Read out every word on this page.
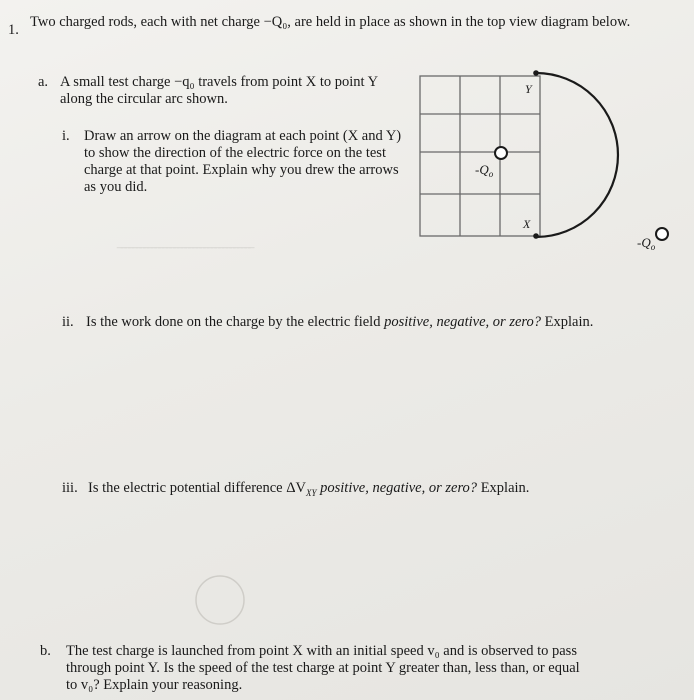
̶ ̶ ̶ ̶ ̶ ̶ ̶ ̶ ̶ ̶ ̶ ̶ ̶ ̶ ̶ ̶ ̶ ̶ ̶ ̶ ̶ ̶ ̶ ̶ ̶ ̶ ̶ ̶ ̶ ̶ ̶ ̶ ̶ ̶ ̶ ̶
1. Two charged rods, each with net charge −Q₀, are held in place as shown in the top view diagram below.
a. A small test charge −q₀ travels from point X to point Y along the circular arc shown.
i. Draw an arrow on the diagram at each point (X and Y) to show the direction of the electric force on the test charge at that point. Explain why you drew the arrows as you did.
Y
X
$-Q_o$
$-Q_o$
ii. Is the work done on the charge by the electric field positive, negative, or zero? Explain.
iii. Is the electric potential difference $\Delta V_{XY}$ positive, negative, or zero? Explain.
b. The test charge is launched from point X with an initial speed v₀ and is observed to pass
through point Y. Is the speed of the test charge at point Y greater than, less than, or equal
to v₀? Explain your reasoning.
